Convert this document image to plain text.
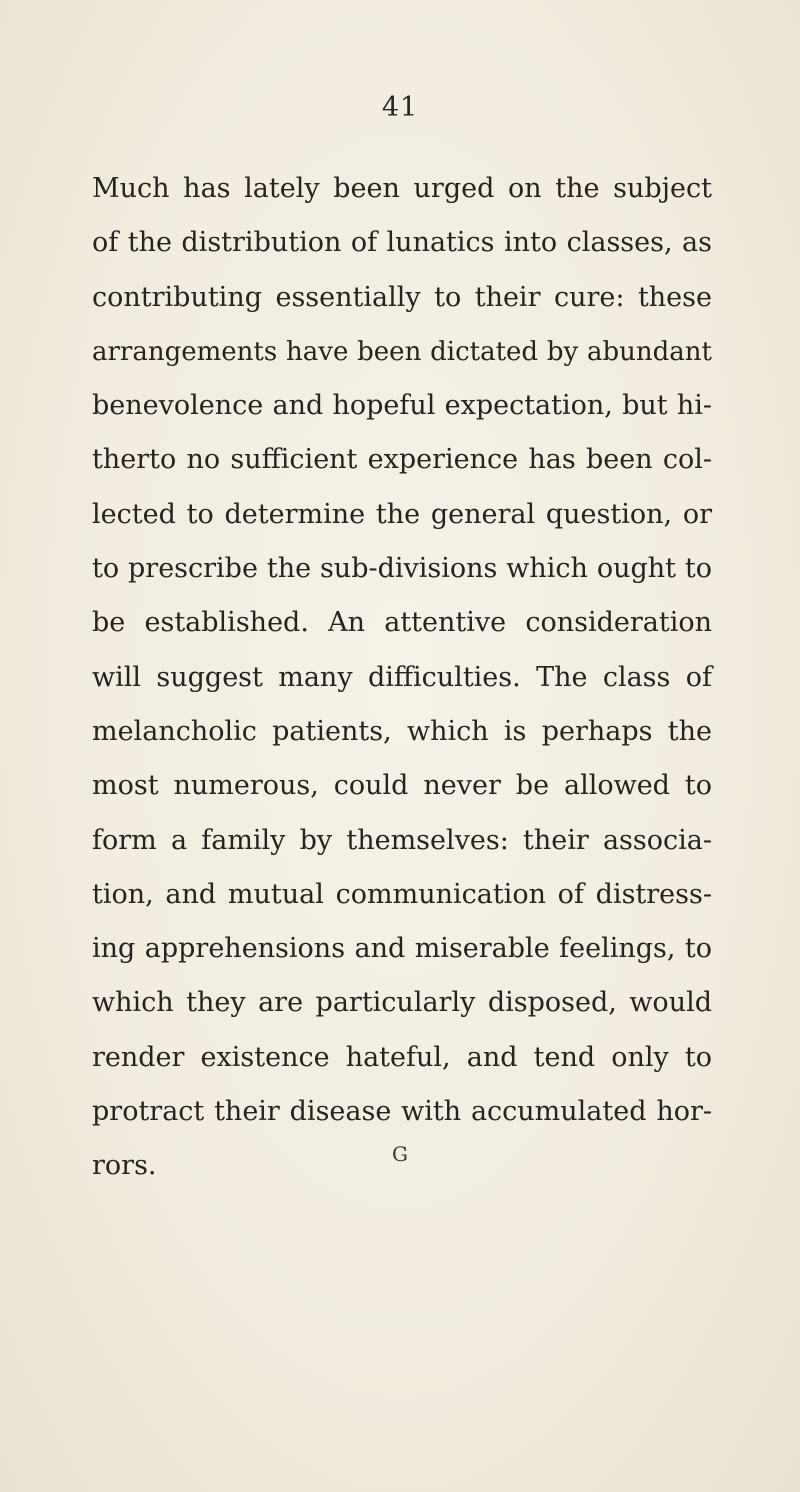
41
Much has lately been urged on the subject
of the distribution of lunatics into classes, as
contributing essentially to their cure: these
arrangements have been dictated by abundant
benevolence and hopeful expectation, but hi-
therto no sufficient experience has been col-
lected to determine the general question, or
to prescribe the sub-divisions which ought to
be established. An attentive consideration
will suggest many difficulties. The class of
melancholic patients, which is perhaps the
most numerous, could never be allowed to
form a family by themselves: their associa-
tion, and mutual communication of distress-
ing apprehensions and miserable feelings, to
which they are particularly disposed, would
render existence hateful, and tend only to
protract their disease with accumulated hor-
rors.	G
